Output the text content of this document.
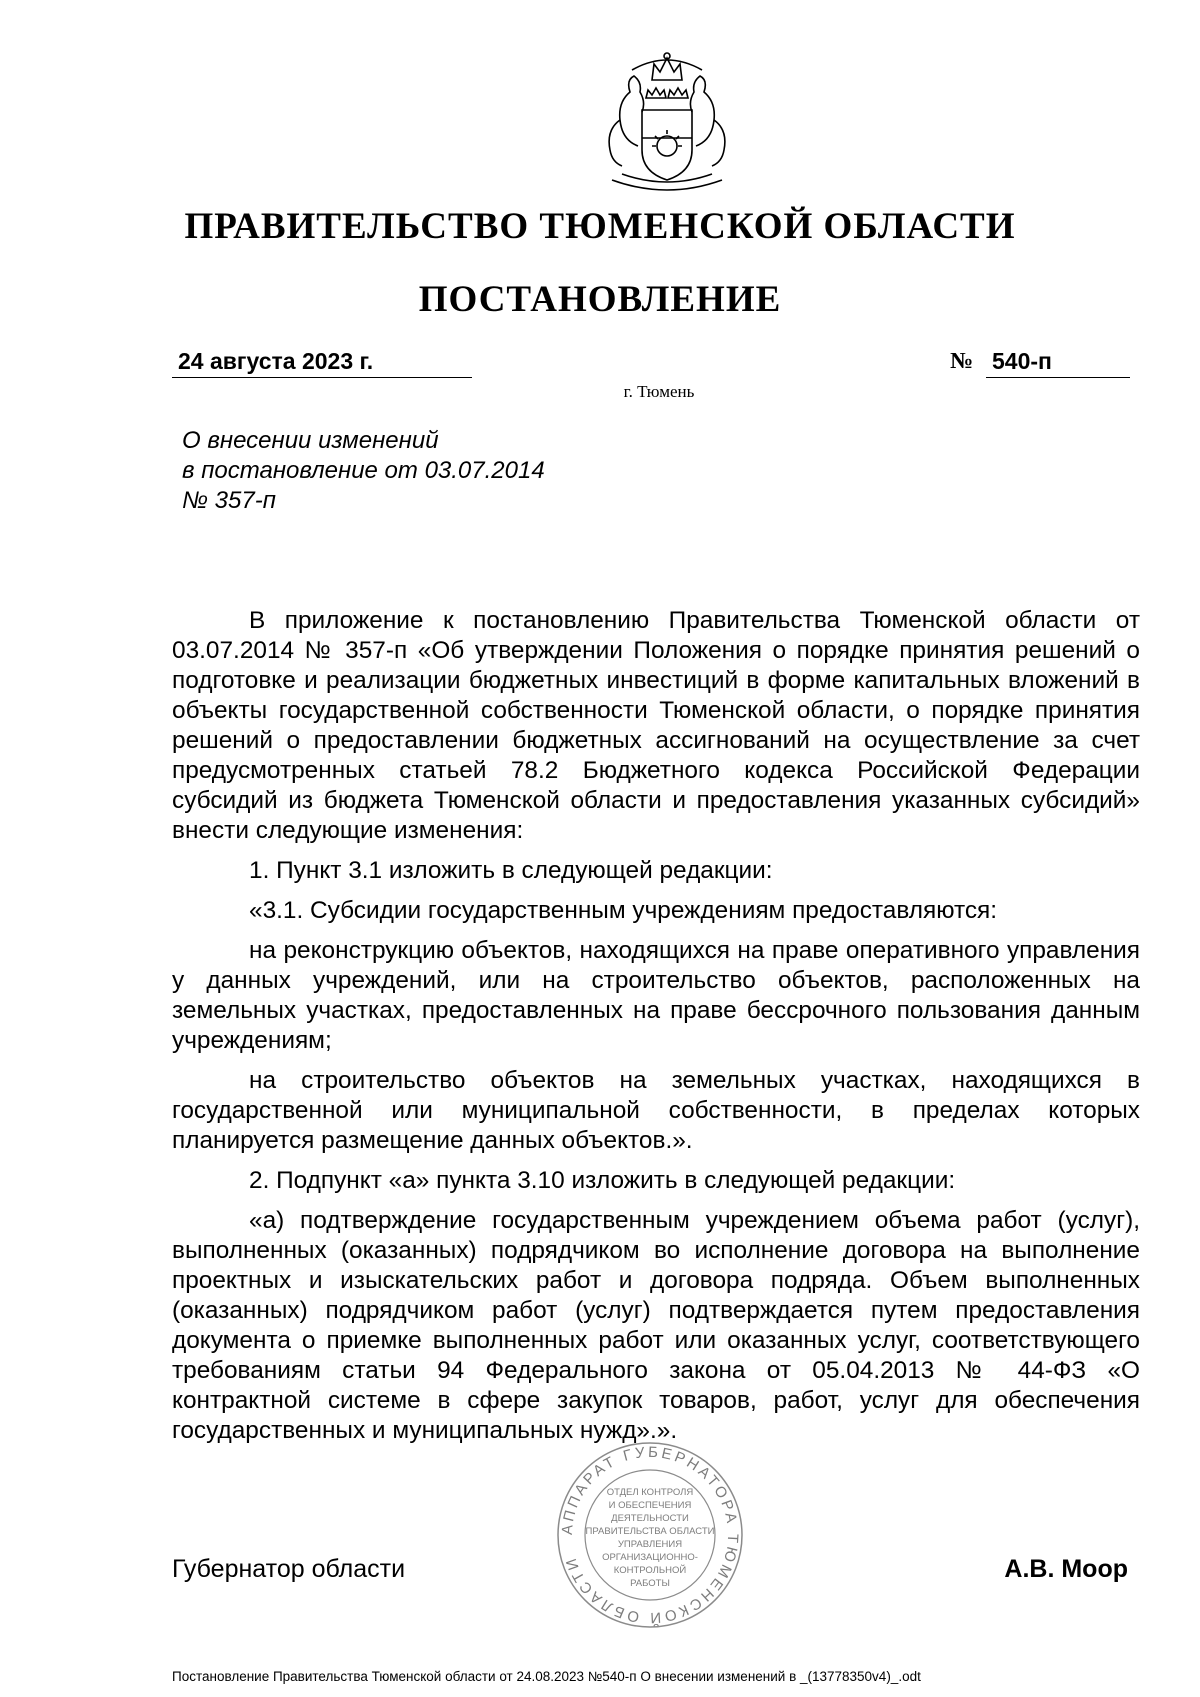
ПРАВИТЕЛЬСТВО ТЮМЕНСКОЙ ОБЛАСТИ
ПОСТАНОВЛЕНИЕ
24 августа 2023 г.	№ 540-п
г. Тюмень
О внесении изменений
в постановление от 03.07.2014
№ 357-п

В приложение к постановлению Правительства Тюменской области от 03.07.2014 № 357-п «Об утверждении Положения о порядке принятия решений о подготовке и реализации бюджетных инвестиций в форме капитальных вложений в объекты государственной собственности Тюменской области, о порядке принятия решений о предоставлении бюджетных ассигнований на осуществление за счет предусмотренных статьей 78.2 Бюджетного кодекса Российской Федерации субсидий из бюджета Тюменской области и предоставления указанных субсидий» внести следующие изменения:

1. Пункт 3.1 изложить в следующей редакции:

«3.1. Субсидии государственным учреждениям предоставляются:

на реконструкцию объектов, находящихся на праве оперативного управления у данных учреждений, или на строительство объектов, расположенных на земельных участках, предоставленных на праве бессрочного пользования данным учреждениям;

на строительство объектов на земельных участках, находящихся в государственной или муниципальной собственности, в пределах которых планируется размещение данных объектов.».

2. Подпункт «а» пункта 3.10 изложить в следующей редакции:

«а) подтверждение государственным учреждением объема работ (услуг), выполненных (оказанных) подрядчиком во исполнение договора на выполнение проектных и изыскательских работ и договора подряда. Объем выполненных (оказанных) подрядчиком работ (услуг) подтверждается путем предоставления документа о приемке выполненных работ или оказанных услуг, соответствующего требованиям статьи 94 Федерального закона от 05.04.2013 № 44-ФЗ «О контрактной системе в сфере закупок товаров, работ, услуг для обеспечения государственных и муниципальных нужд».».

АППАРАТ ГУБЕРНАТОРА ТЮМЕНСКОЙ ОБЛАСТИ
ОТДЕЛ КОНТРОЛЯ
И ОБЕСПЕЧЕНИЯ
ДЕЯТЕЛЬНОСТИ
ПРАВИТЕЛЬСТВА ОБЛАСТИ
УПРАВЛЕНИЯ
ОРГАНИЗАЦИОННО-
КОНТРОЛЬНОЙ
РАБОТЫ
Губернатор области	А.В. Моор
Постановление Правительства Тюменской области от 24.08.2023 №540-п О внесении изменений в _(13778350v4)_.odt
